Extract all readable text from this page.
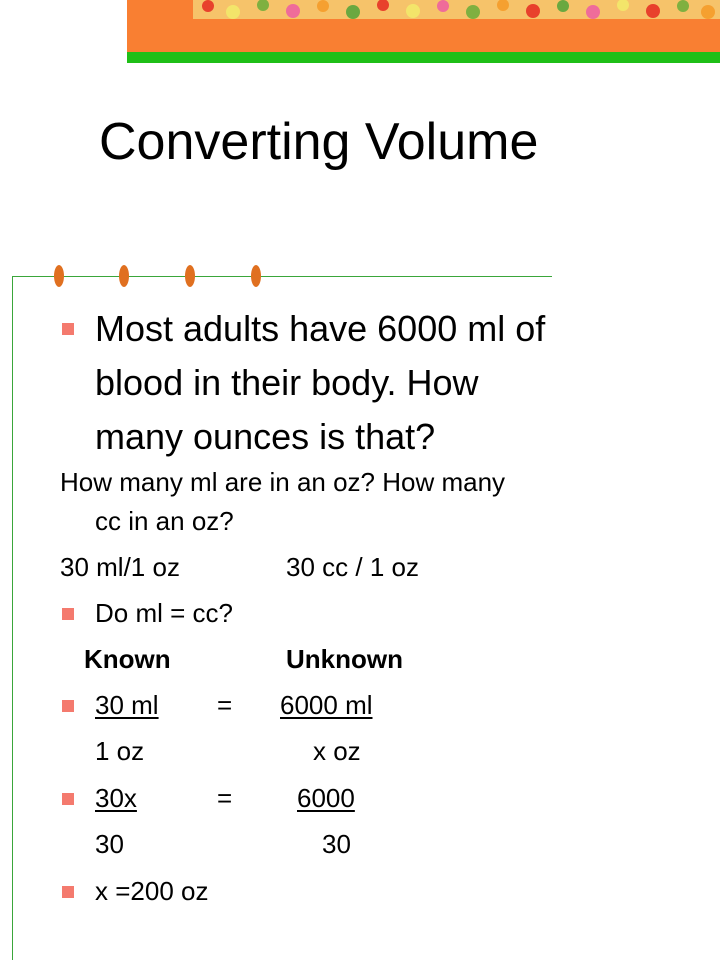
Converting Volume
Most adults have 6000 ml of
blood in their body. How
many ounces is that?
How many ml are in an oz? How many
cc in an oz?
30 ml/1 oz	30 cc / 1 oz
Do ml = cc?
Known	Unknown
30 ml = 6000 ml
1 oz	x oz
30x	= 6000
30	30
x =200 oz
